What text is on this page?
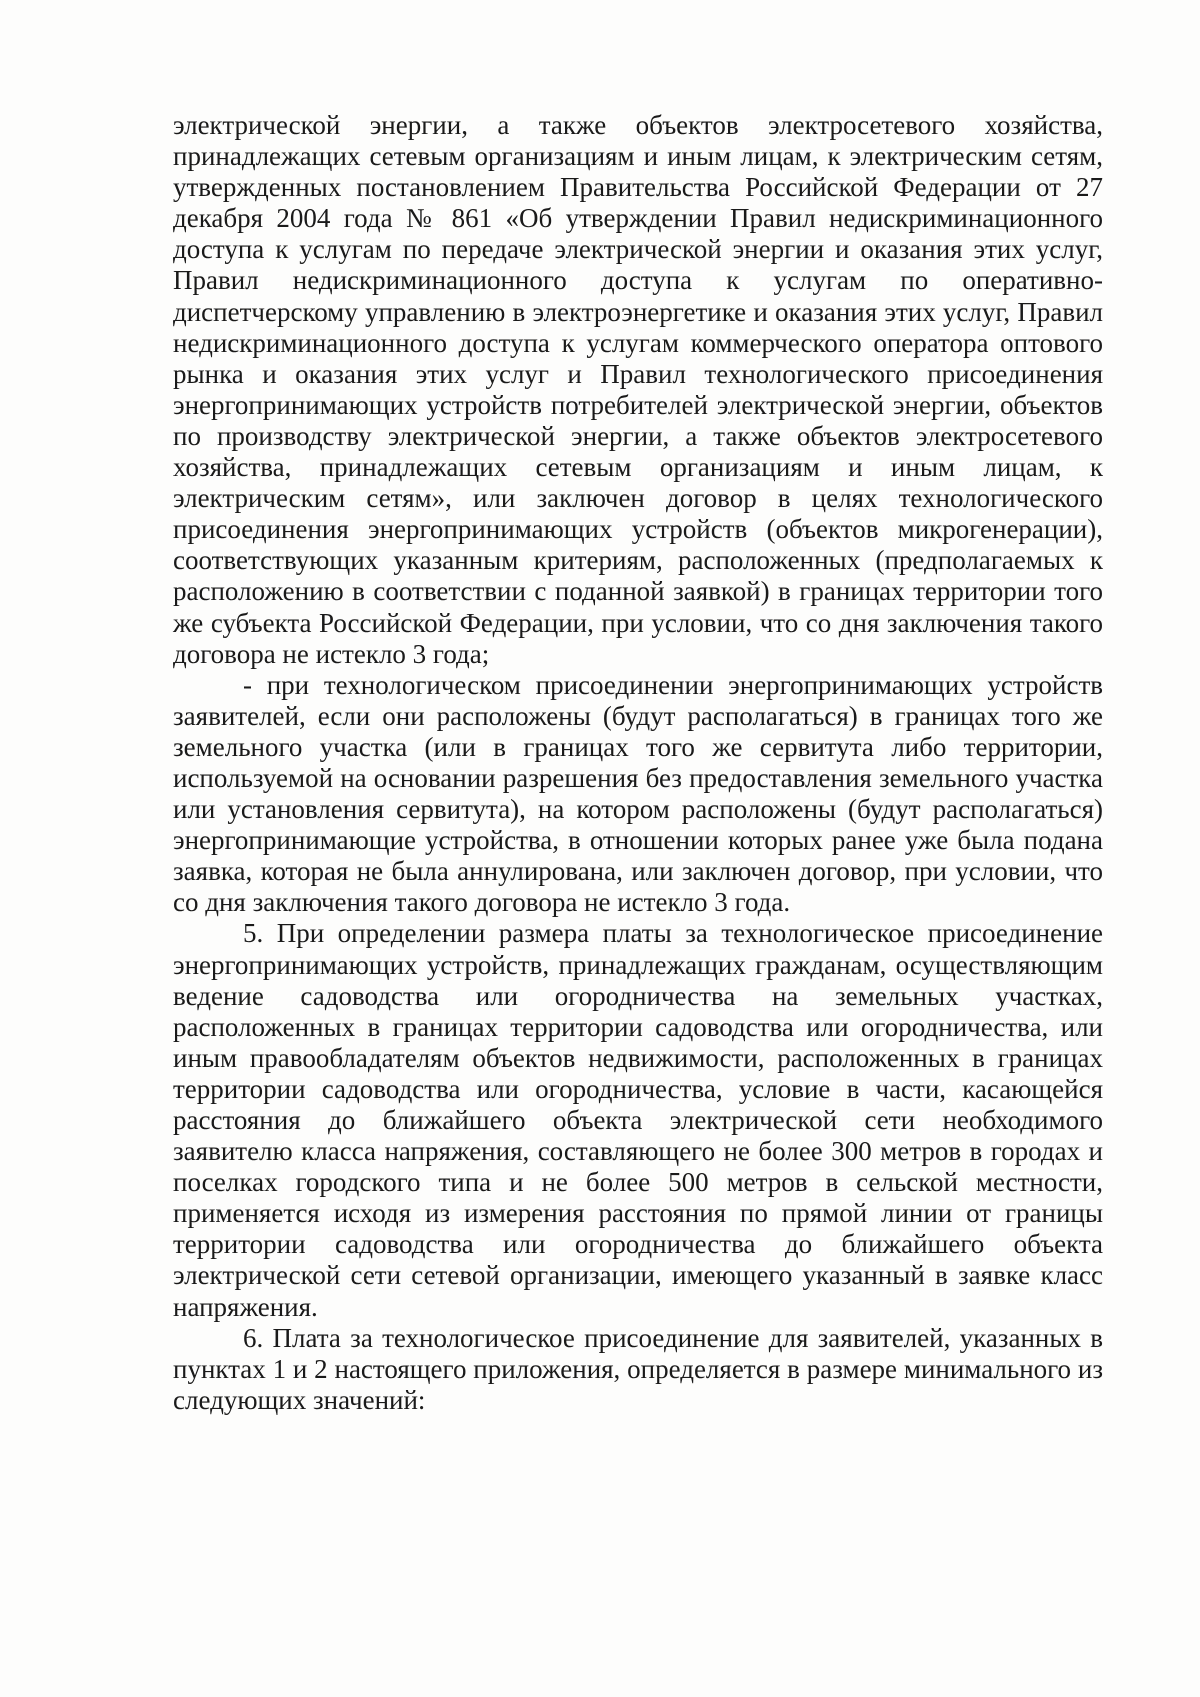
электрической энергии, а также объектов электросетевого хозяйства, принадлежащих сетевым организациям и иным лицам, к электрическим сетям, утвержденных постановлением Правительства Российской Федерации от 27 декабря 2004 года № 861 «Об утверждении Правил недискриминационного доступа к услугам по передаче электрической энергии и оказания этих услуг, Правил недискриминационного доступа к услугам по оперативно-диспетчерскому управлению в электроэнергетике и оказания этих услуг, Правил недискриминационного доступа к услугам коммерческого оператора оптового рынка и оказания этих услуг и Правил технологического присоединения энергопринимающих устройств потребителей электрической энергии, объектов по производству электрической энергии, а также объектов электросетевого хозяйства, принадлежащих сетевым организациям и иным лицам, к электрическим сетям», или заключен договор в целях технологического присоединения энергопринимающих устройств (объектов микрогенерации), соответствующих указанным критериям, расположенных (предполагаемых к расположению в соответствии с поданной заявкой) в границах территории того же субъекта Российской Федерации, при условии, что со дня заключения такого договора не истекло 3 года;

- при технологическом присоединении энергопринимающих устройств заявителей, если они расположены (будут располагаться) в границах того же земельного участка (или в границах того же сервитута либо территории, используемой на основании разрешения без предоставления земельного участка или установления сервитута), на котором расположены (будут располагаться) энергопринимающие устройства, в отношении которых ранее уже была подана заявка, которая не была аннулирована, или заключен договор, при условии, что со дня заключения такого договора не истекло 3 года.

5. При определении размера платы за технологическое присоединение энергопринимающих устройств, принадлежащих гражданам, осуществляющим ведение садоводства или огородничества на земельных участках, расположенных в границах территории садоводства или огородничества, или иным правообладателям объектов недвижимости, расположенных в границах территории садоводства или огородничества, условие в части, касающейся расстояния до ближайшего объекта электрической сети необходимого заявителю класса напряжения, составляющего не более 300 метров в городах и поселках городского типа и не более 500 метров в сельской местности, применяется исходя из измерения расстояния по прямой линии от границы территории садоводства или огородничества до ближайшего объекта электрической сети сетевой организации, имеющего указанный в заявке класс напряжения.

6. Плата за технологическое присоединение для заявителей, указанных в пунктах 1 и 2 настоящего приложения, определяется в размере минимального из следующих значений:
